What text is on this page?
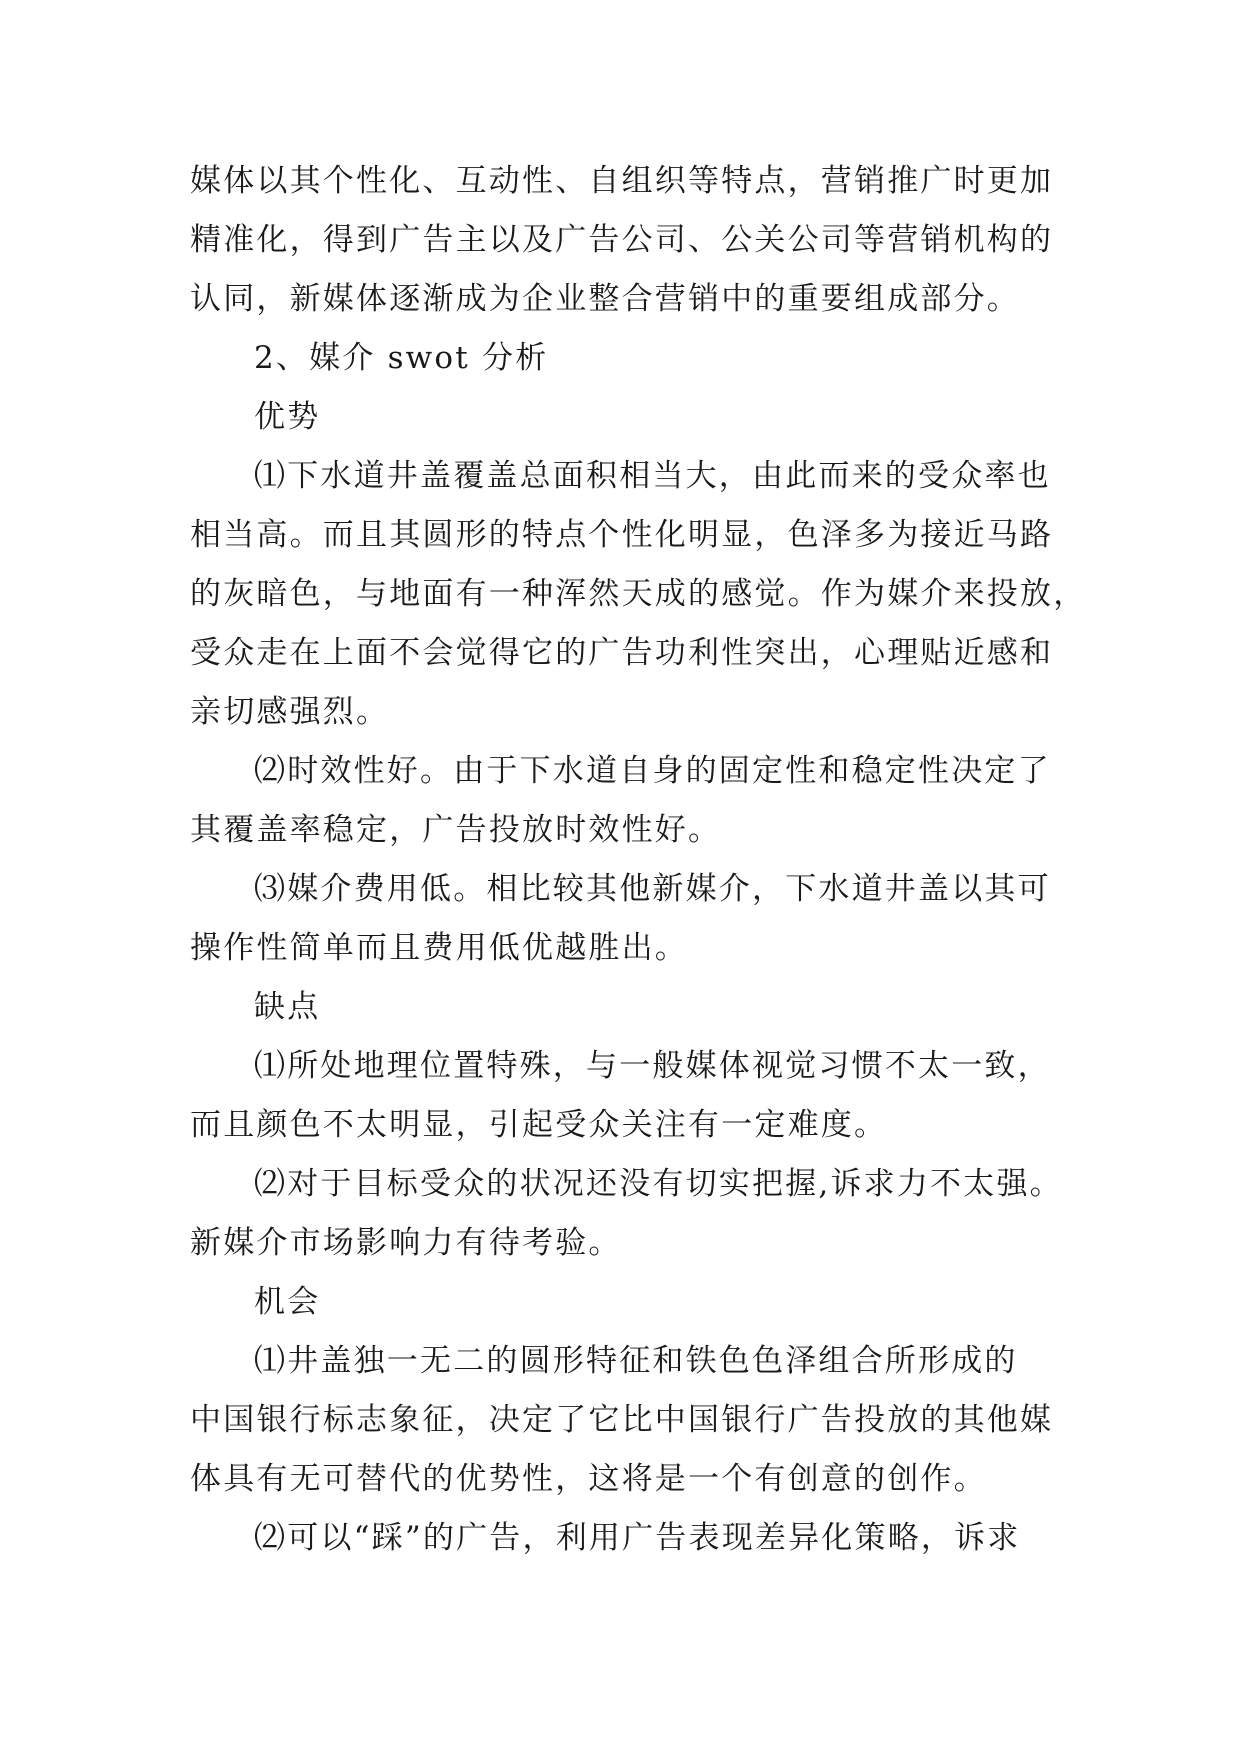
媒体以其个性化、互动性、自组织等特点，营销推广时更加
精准化，得到广告主以及广告公司、公关公司等营销机构的
认同，新媒体逐渐成为企业整合营销中的重要组成部分。
2、媒介 swot 分析
优势
⑴下水道井盖覆盖总面积相当大，由此而来的受众率也
相当高。而且其圆形的特点个性化明显，色泽多为接近马路
的灰暗色，与地面有一种浑然天成的感觉。作为媒介来投放，
受众走在上面不会觉得它的广告功利性突出，心理贴近感和
亲切感强烈。
⑵时效性好。由于下水道自身的固定性和稳定性决定了
其覆盖率稳定，广告投放时效性好。
⑶媒介费用低。相比较其他新媒介，下水道井盖以其可
操作性简单而且费用低优越胜出。
缺点
⑴所处地理位置特殊，与一般媒体视觉习惯不太一致，
而且颜色不太明显，引起受众关注有一定难度。
⑵对于目标受众的状况还没有切实把握,诉求力不太强。
新媒介市场影响力有待考验。
机会
⑴井盖独一无二的圆形特征和铁色色泽组合所形成的
中国银行标志象征，决定了它比中国银行广告投放的其他媒
体具有无可替代的优势性，这将是一个有创意的创作。
⑵可以“踩”的广告，利用广告表现差异化策略，诉求
